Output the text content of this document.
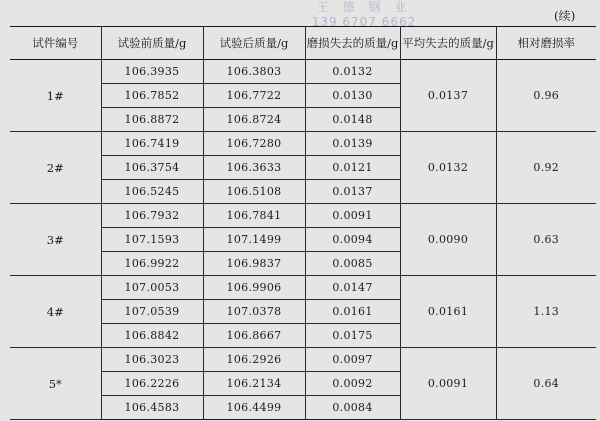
王 德 钢 业
139 6707 6662	(续)
试件编号	试验前质量/g	试验后质量/g	磨损失去的质量/g	平均失去的质量/g	相对磨损率
1#	106.3935	106.3803	0.0132	0.0137	0.96
	106.7852	106.7722	0.0130		
	106.8872	106.8724	0.0148		
2#	106.7419	106.7280	0.0139	0.0132	0.92
	106.3754	106.3633	0.0121		
	106.5245	106.5108	0.0137		
3#	106.7932	106.7841	0.0091	0.0090	0.63
	107.1593	107.1499	0.0094		
	106.9922	106.9837	0.0085		
4#	107.0053	106.9906	0.0147	0.0161	1.13
	107.0539	107.0378	0.0161		
	106.8842	106.8667	0.0175		
5*	106.3023	106.2926	0.0097	0.0091	0.64
	106.2226	106.2134	0.0092		
	106.4583	106.4499	0.0084		
